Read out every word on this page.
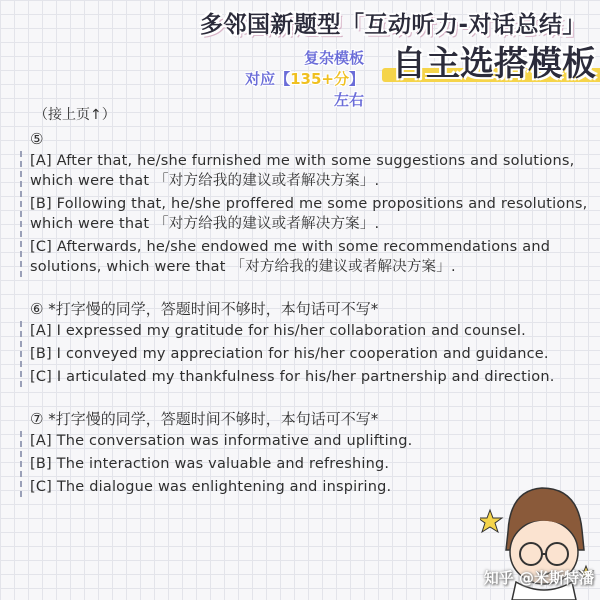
多邻国新题型「互动听力-对话总结」
复杂模板
对应【135+分】左右
自主选搭模板
（接上页↑）
⑤
[A] After that, he/she furnished me with some suggestions and solutions, which were that 「对方给我的建议或者解决方案」.
[B] Following that, he/she proffered me some propositions and resolutions, which were that 「对方给我的建议或者解决方案」.
[C] Afterwards, he/she endowed me with some recommendations and solutions, which were that 「对方给我的建议或者解决方案」.
⑥ *打字慢的同学，答题时间不够时，本句话可不写*
[A] I expressed my gratitude for his/her collaboration and counsel.
[B] I conveyed my appreciation for his/her cooperation and guidance.
[C] I articulated my thankfulness for his/her partnership and direction.
⑦ *打字慢的同学，答题时间不够时，本句话可不写*
[A] The conversation was informative and uplifting.
[B] The interaction was valuable and refreshing.
[C] The dialogue was enlightening and inspiring.
知乎 @米斯特潘
